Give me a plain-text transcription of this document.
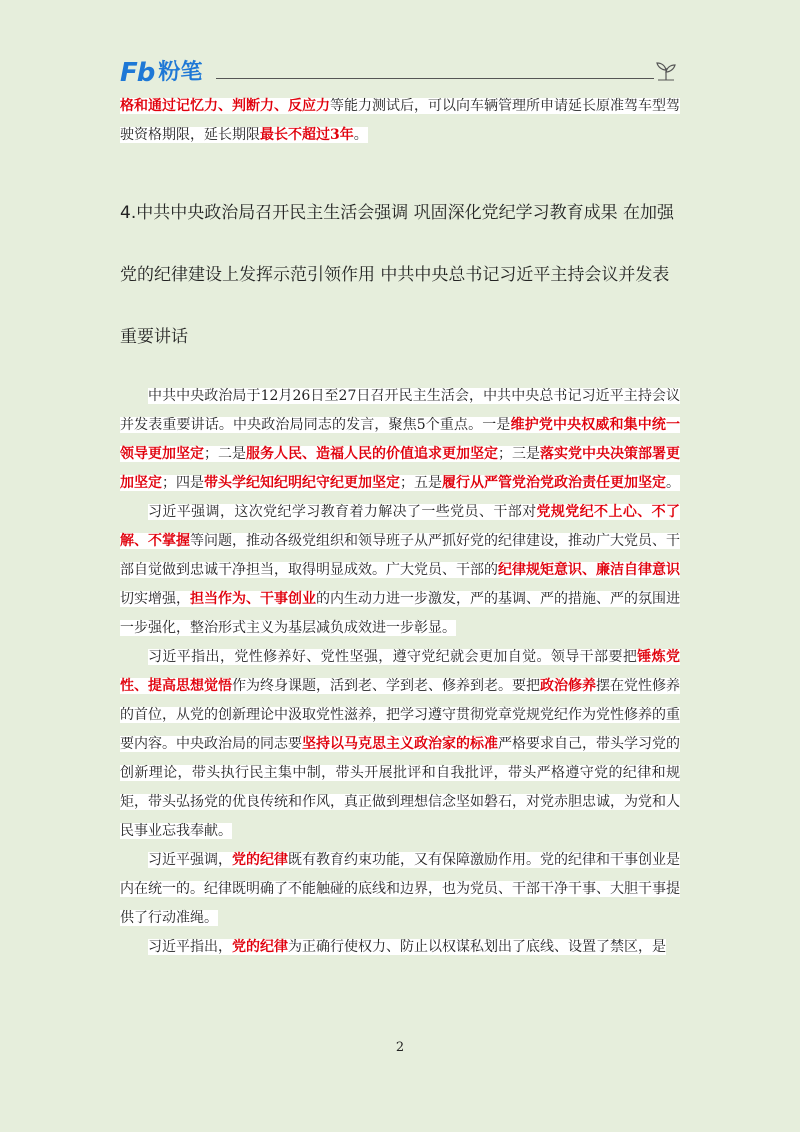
Fb 粉笔

格和通过记忆力、判断力、反应力等能力测试后，可以向车辆管理所申请延长原准驾车型驾驶资格期限，延长期限最长不超过3年。

4.中共中央政治局召开民主生活会强调 巩固深化党纪学习教育成果 在加强党的纪律建设上发挥示范引领作用 中共中央总书记习近平主持会议并发表重要讲话

中共中央政治局于12月26日至27日召开民主生活会，中共中央总书记习近平主持会议并发表重要讲话。中央政治局同志的发言，聚焦5个重点。一是维护党中央权威和集中统一领导更加坚定；二是服务人民、造福人民的价值追求更加坚定；三是落实党中央决策部署更加坚定；四是带头学纪知纪明纪守纪更加坚定；五是履行从严管党治党政治责任更加坚定。

习近平强调，这次党纪学习教育着力解决了一些党员、干部对党规党纪不上心、不了解、不掌握等问题，推动各级党组织和领导班子从严抓好党的纪律建设，推动广大党员、干部自觉做到忠诚干净担当，取得明显成效。广大党员、干部的纪律规矩意识、廉洁自律意识切实增强，担当作为、干事创业的内生动力进一步激发，严的基调、严的措施、严的氛围进一步强化，整治形式主义为基层减负成效进一步彰显。

习近平指出，党性修养好、党性坚强，遵守党纪就会更加自觉。领导干部要把锤炼党性、提高思想觉悟作为终身课题，活到老、学到老、修养到老。要把政治修养摆在党性修养的首位，从党的创新理论中汲取党性滋养，把学习遵守贯彻党章党规党纪作为党性修养的重要内容。中央政治局的同志要坚持以马克思主义政治家的标准严格要求自己，带头学习党的创新理论，带头执行民主集中制，带头开展批评和自我批评，带头严格遵守党的纪律和规矩，带头弘扬党的优良传统和作风，真正做到理想信念坚如磐石，对党赤胆忠诚，为党和人民事业忘我奉献。

习近平强调，党的纪律既有教育约束功能，又有保障激励作用。党的纪律和干事创业是内在统一的。纪律既明确了不能触碰的底线和边界，也为党员、干部干净干事、大胆干事提供了行动准绳。

习近平指出，党的纪律为正确行使权力、防止以权谋私划出了底线、设置了禁区，是

2
